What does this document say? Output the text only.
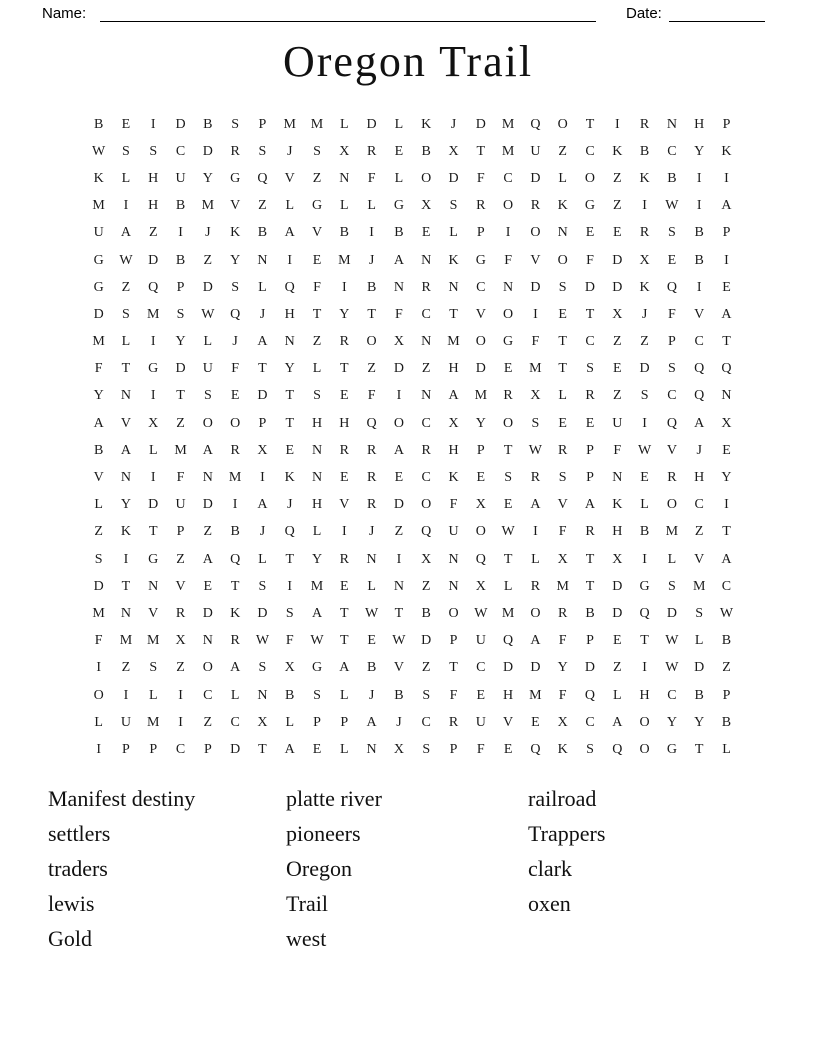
Name:	Date:
Oregon Trail
B	E	I	D	B	S	P	M	M	L	D	L	K	J	D	M	Q	O	T	I	R	N	H	P
W	S	S	C	D	R	S	J	S	X	R	E	B	X	T	M	U	Z	C	K	B	C	Y	K
K	L	H	U	Y	G	Q	V	Z	N	F	L	O	D	F	C	D	L	O	Z	K	B	I	I
M	I	H	B	M	V	Z	L	G	L	L	G	X	S	R	O	R	K	G	Z	I	W	I	A
U	A	Z	I	J	K	B	A	V	B	I	B	E	L	P	I	O	N	E	E	R	S	B	P
G	W	D	B	Z	Y	N	I	E	M	J	A	N	K	G	F	V	O	F	D	X	E	B	I
G	Z	Q	P	D	S	L	Q	F	I	B	N	R	N	C	N	D	S	D	D	K	Q	I	E
D	S	M	S	W	Q	J	H	T	Y	T	F	C	T	V	O	I	E	T	X	J	F	V	A
M	L	I	Y	L	J	A	N	Z	R	O	X	N	M	O	G	F	T	C	Z	Z	P	C	T
F	T	G	D	U	F	T	Y	L	T	Z	D	Z	H	D	E	M	T	S	E	D	S	Q	Q
Y	N	I	T	S	E	D	T	S	E	F	I	N	A	M	R	X	L	R	Z	S	C	Q	N
A	V	X	Z	O	O	P	T	H	H	Q	O	C	X	Y	O	S	E	E	U	I	Q	A	X
B	A	L	M	A	R	X	E	N	R	R	A	R	H	P	T	W	R	P	F	W	V	J	E
V	N	I	F	N	M	I	K	N	E	R	E	C	K	E	S	R	S	P	N	E	R	H	Y
L	Y	D	U	D	I	A	J	H	V	R	D	O	F	X	E	A	V	A	K	L	O	C	I
Z	K	T	P	Z	B	J	Q	L	I	J	Z	Q	U	O	W	I	F	R	H	B	M	Z	T
S	I	G	Z	A	Q	L	T	Y	R	N	I	X	N	Q	T	L	X	T	X	I	L	V	A
D	T	N	V	E	T	S	I	M	E	L	N	Z	N	X	L	R	M	T	D	G	S	M	C
M	N	V	R	D	K	D	S	A	T	W	T	B	O	W	M	O	R	B	D	Q	D	S	W
F	M	M	X	N	R	W	F	W	T	E	W	D	P	U	Q	A	F	P	E	T	W	L	B
I	Z	S	Z	O	A	S	X	G	A	B	V	Z	T	C	D	D	Y	D	Z	I	W	D	Z
O	I	L	I	C	L	N	B	S	L	J	B	S	F	E	H	M	F	Q	L	H	C	B	P
L	U	M	I	Z	C	X	L	P	P	A	J	C	R	U	V	E	X	C	A	O	Y	Y	B
I	P	P	C	P	D	T	A	E	L	N	X	S	P	F	E	Q	K	S	Q	O	G	T	L
Manifest destiny
settlers
traders
lewis
Gold
platte river
pioneers
Oregon
Trail
west
railroad
Trappers
clark
oxen
